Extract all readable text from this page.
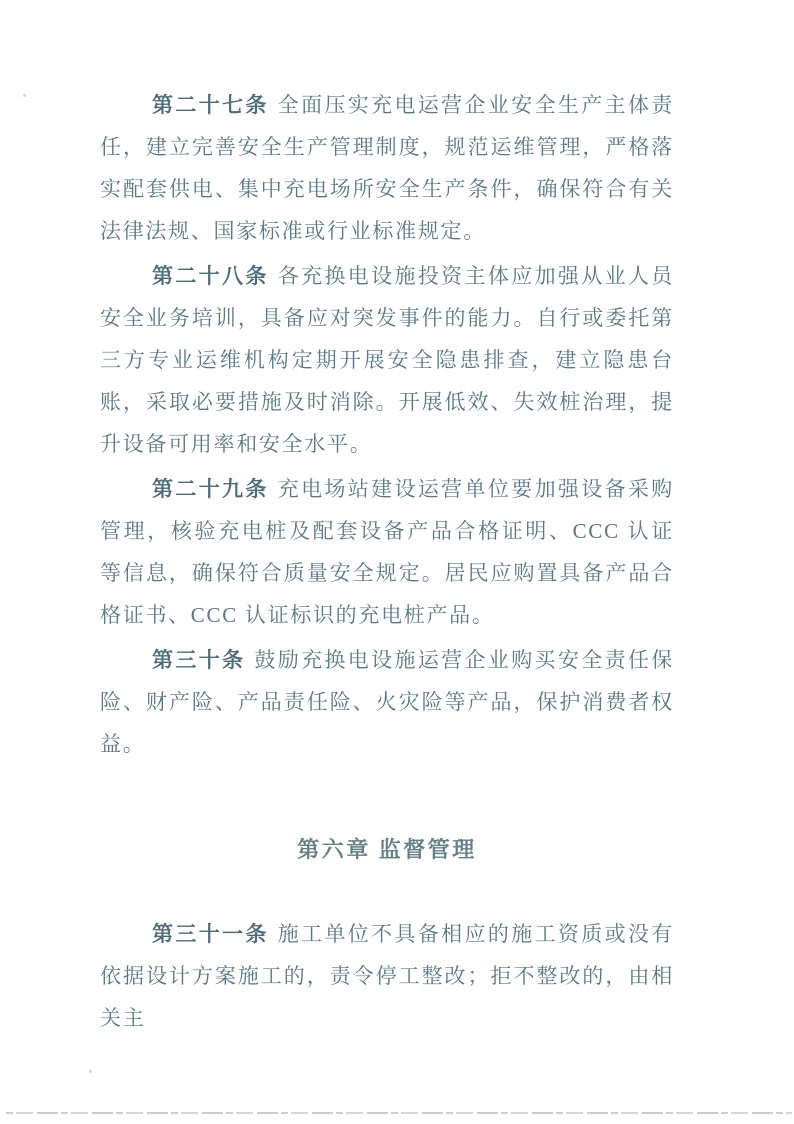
第二十七条 全面压实充电运营企业安全生产主体责任，建立完善安全生产管理制度，规范运维管理，严格落实配套供电、集中充电场所安全生产条件，确保符合有关法律法规、国家标准或行业标准规定。

第二十八条 各充换电设施投资主体应加强从业人员安全业务培训，具备应对突发事件的能力。自行或委托第三方专业运维机构定期开展安全隐患排查，建立隐患台账，采取必要措施及时消除。开展低效、失效桩治理，提升设备可用率和安全水平。

第二十九条 充电场站建设运营单位要加强设备采购管理，核验充电桩及配套设备产品合格证明、CCC 认证等信息，确保符合质量安全规定。居民应购置具备产品合格证书、CCC 认证标识的充电桩产品。

第三十条 鼓励充换电设施运营企业购买安全责任保险、财产险、产品责任险、火灾险等产品，保护消费者权益。

第六章 监督管理

第三十一条 施工单位不具备相应的施工资质或没有依据设计方案施工的，责令停工整改；拒不整改的，由相关主
